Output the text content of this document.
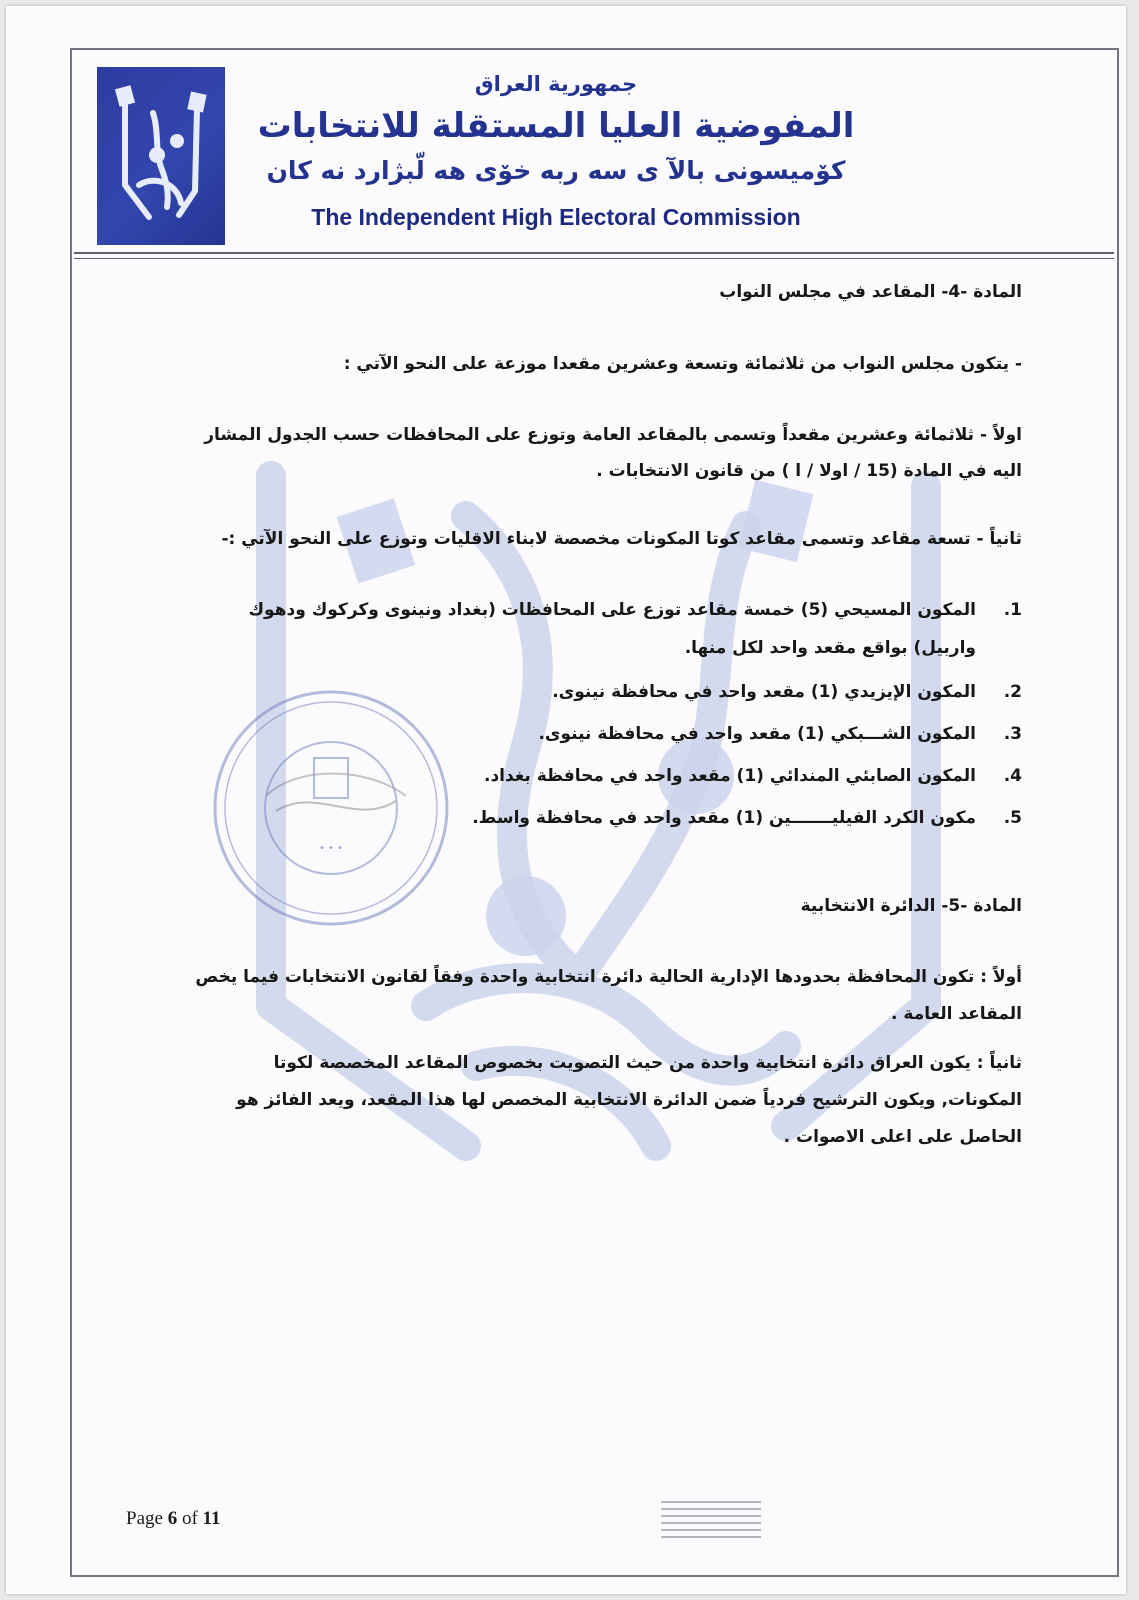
• • •
جمهورية العراق
المفوضية العليا المستقلة للانتخابات
كۆميسونى بالآ ى سه ربه خۆى هه لّبژارد نه كان
The Independent High Electoral Commission
المادة -4- المقاعد في مجلس النواب
- يتكون مجلس النواب من ثلاثمائة وتسعة وعشرين مقعدا موزعة على النحو الآتي :
اولاً - ثلاثمائة وعشرين مقعداً وتسمى بالمقاعد العامة وتوزع على المحافظات حسب الجدول المشار
اليه في المادة (15 / اولا / ا ) من قانون الانتخابات .
ثانياً - تسعة مقاعد وتسمى مقاعد كوتا المكونات مخصصة لابناء الاقليات وتوزع على النحو الآتي :-
1.
المكون المسيحي (5) خمسة مقاعد توزع على المحافظات (بغداد ونينوى وكركوك ودهوك
واربيل) بواقع مقعد واحد لكل منها.
2.
المكون الإيزيدي (1) مقعد واحد في محافظة نينوى.
3.
المكون الشـــبكي (1) مقعد واحد في محافظة نينوى.
4.
المكون الصابئي المندائي (1) مقعد واحد في محافظة بغداد.
5.
مكون الكرد الفيليـــــــين (1) مقعد واحد في محافظة واسط.
المادة -5- الدائرة الانتخابية
أولاً : تكون المحافظة بحدودها الإدارية الحالية دائرة انتخابية واحدة وفقاً لقانون الانتخابات فيما يخص
المقاعد العامة .
ثانياً : يكون العراق دائرة انتخابية واحدة من حيث التصويت بخصوص المقاعد المخصصة لكوتا
المكونات, ويكون الترشيح فردياً ضمن الدائرة الانتخابية المخصص لها هذا المقعد، ويعد الفائز هو
الحاصل على اعلى الاصوات .
Page 6 of 11
